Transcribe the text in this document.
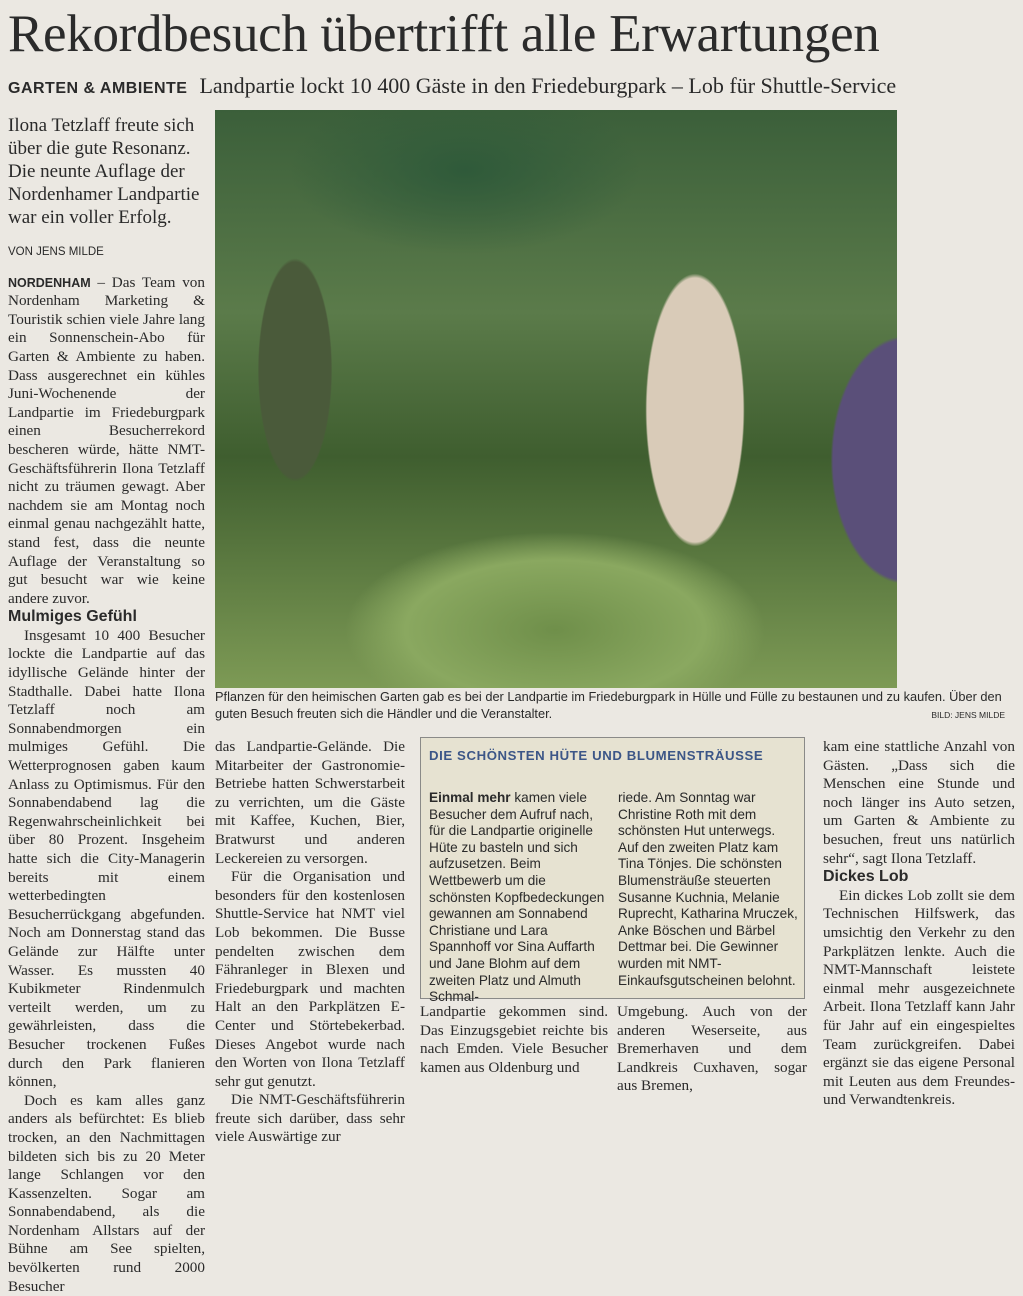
Rekordbesuch übertrifft alle Erwartungen
GARTEN & AMBIENTE Landpartie lockt 10 400 Gäste in den Friedeburgpark – Lob für Shuttle-Service
Ilona Tetzlaff freute sich über die gute Resonanz. Die neunte Auflage der Nordenhamer Landpartie war ein voller Erfolg.
VON JENS MILDE

NORDENHAM – Das Team von Nordenham Marketing & Touristik schien viele Jahre lang ein Sonnenschein-Abo für Garten & Ambiente zu haben. Dass ausgerechnet ein kühles Juni-Wochenende der Landpartie im Friedeburgpark einen Besucherrekord bescheren würde, hätte NMT-Geschäftsführerin Ilona Tetzlaff nicht zu träumen gewagt. Aber nachdem sie am Montag noch einmal genau nachgezählt hatte, stand fest, dass die neunte Auflage der Veranstaltung so gut besucht war wie keine andere zuvor.

Mulmiges Gefühl

Insgesamt 10 400 Besucher lockte die Landpartie auf das idyllische Gelände hinter der Stadthalle. Dabei hatte Ilona Tetzlaff noch am Sonnabendmorgen ein mulmiges Gefühl. Die Wetterprognosen gaben kaum Anlass zu Optimismus. Für den Sonnabendabend lag die Regenwahrscheinlichkeit bei über 80 Prozent. Insgeheim hatte sich die City-Managerin bereits mit einem wetterbedingten Besucherrückgang abgefunden. Noch am Donnerstag stand das Gelände zur Hälfte unter Wasser. Es mussten 40 Kubikmeter Rindenmulch verteilt werden, um zu gewährleisten, dass die Besucher trockenen Fußes durch den Park flanieren können,

Doch es kam alles ganz anders als befürchtet: Es blieb trocken, an den Nachmittagen bildeten sich bis zu 20 Meter lange Schlangen vor den Kassenzelten. Sogar am Sonnabendabend, als die Nordenham Allstars auf der Bühne am See spielten, bevölkerten rund 2000 Besucher

Pflanzen für den heimischen Garten gab es bei der Landpartie im Friedeburgpark in Hülle und Fülle zu bestaunen und zu kaufen. Über den guten Besuch freuten sich die Händler und die Veranstalter.	BILD: JENS MILDE

das Landpartie-Gelände. Die Mitarbeiter der Gastronomie-Betriebe hatten Schwerstarbeit zu verrichten, um die Gäste mit Kaffee, Kuchen, Bier, Bratwurst und anderen Leckereien zu versorgen.

Für die Organisation und besonders für den kostenlosen Shuttle-Service hat NMT viel Lob bekommen. Die Busse pendelten zwischen dem Fähranleger in Blexen und Friedeburgpark und machten Halt an den Parkplätzen E-Center und Störtebekerbad. Dieses Angebot wurde nach den Worten von Ilona Tetzlaff sehr gut genutzt.

Die NMT-Geschäftsführerin freute sich darüber, dass sehr viele Auswärtige zur

DIE SCHÖNSTEN HÜTE UND BLUMENSTRÄUSSE
Einmal mehr kamen viele Besucher dem Aufruf nach, für die Landpartie originelle Hüte zu basteln und sich aufzusetzen. Beim Wettbewerb um die schönsten Kopfbedeckungen gewannen am Sonnabend Christiane und Lara Spannhoff vor Sina Auffarth und Jane Blohm auf dem zweiten Platz und Almuth Schmal-
riede. Am Sonntag war Christine Roth mit dem schönsten Hut unterwegs. Auf den zweiten Platz kam Tina Tönjes. Die schönsten Blumensträuße steuerten Susanne Kuchnia, Melanie Ruprecht, Katharina Mruczek, Anke Böschen und Bärbel Dettmar bei. Die Gewinner wurden mit NMT-Einkaufsgutscheinen belohnt.

Landpartie gekommen sind. Das Einzugsgebiet reichte bis nach Emden. Viele Besucher kamen aus Oldenburg und

Umgebung. Auch von der anderen Weserseite, aus Bremerhaven und dem Landkreis Cuxhaven, sogar aus Bremen,

kam eine stattliche Anzahl von Gästen. „Dass sich die Menschen eine Stunde und noch länger ins Auto setzen, um Garten & Ambiente zu besuchen, freut uns natürlich sehr“, sagt Ilona Tetzlaff.

Dickes Lob

Ein dickes Lob zollt sie dem Technischen Hilfswerk, das umsichtig den Verkehr zu den Parkplätzen lenkte. Auch die NMT-Mannschaft leistete einmal mehr ausgezeichnete Arbeit. Ilona Tetzlaff kann Jahr für Jahr auf ein eingespieltes Team zurückgreifen. Dabei ergänzt sie das eigene Personal mit Leuten aus dem Freundes- und Verwandtenkreis.
